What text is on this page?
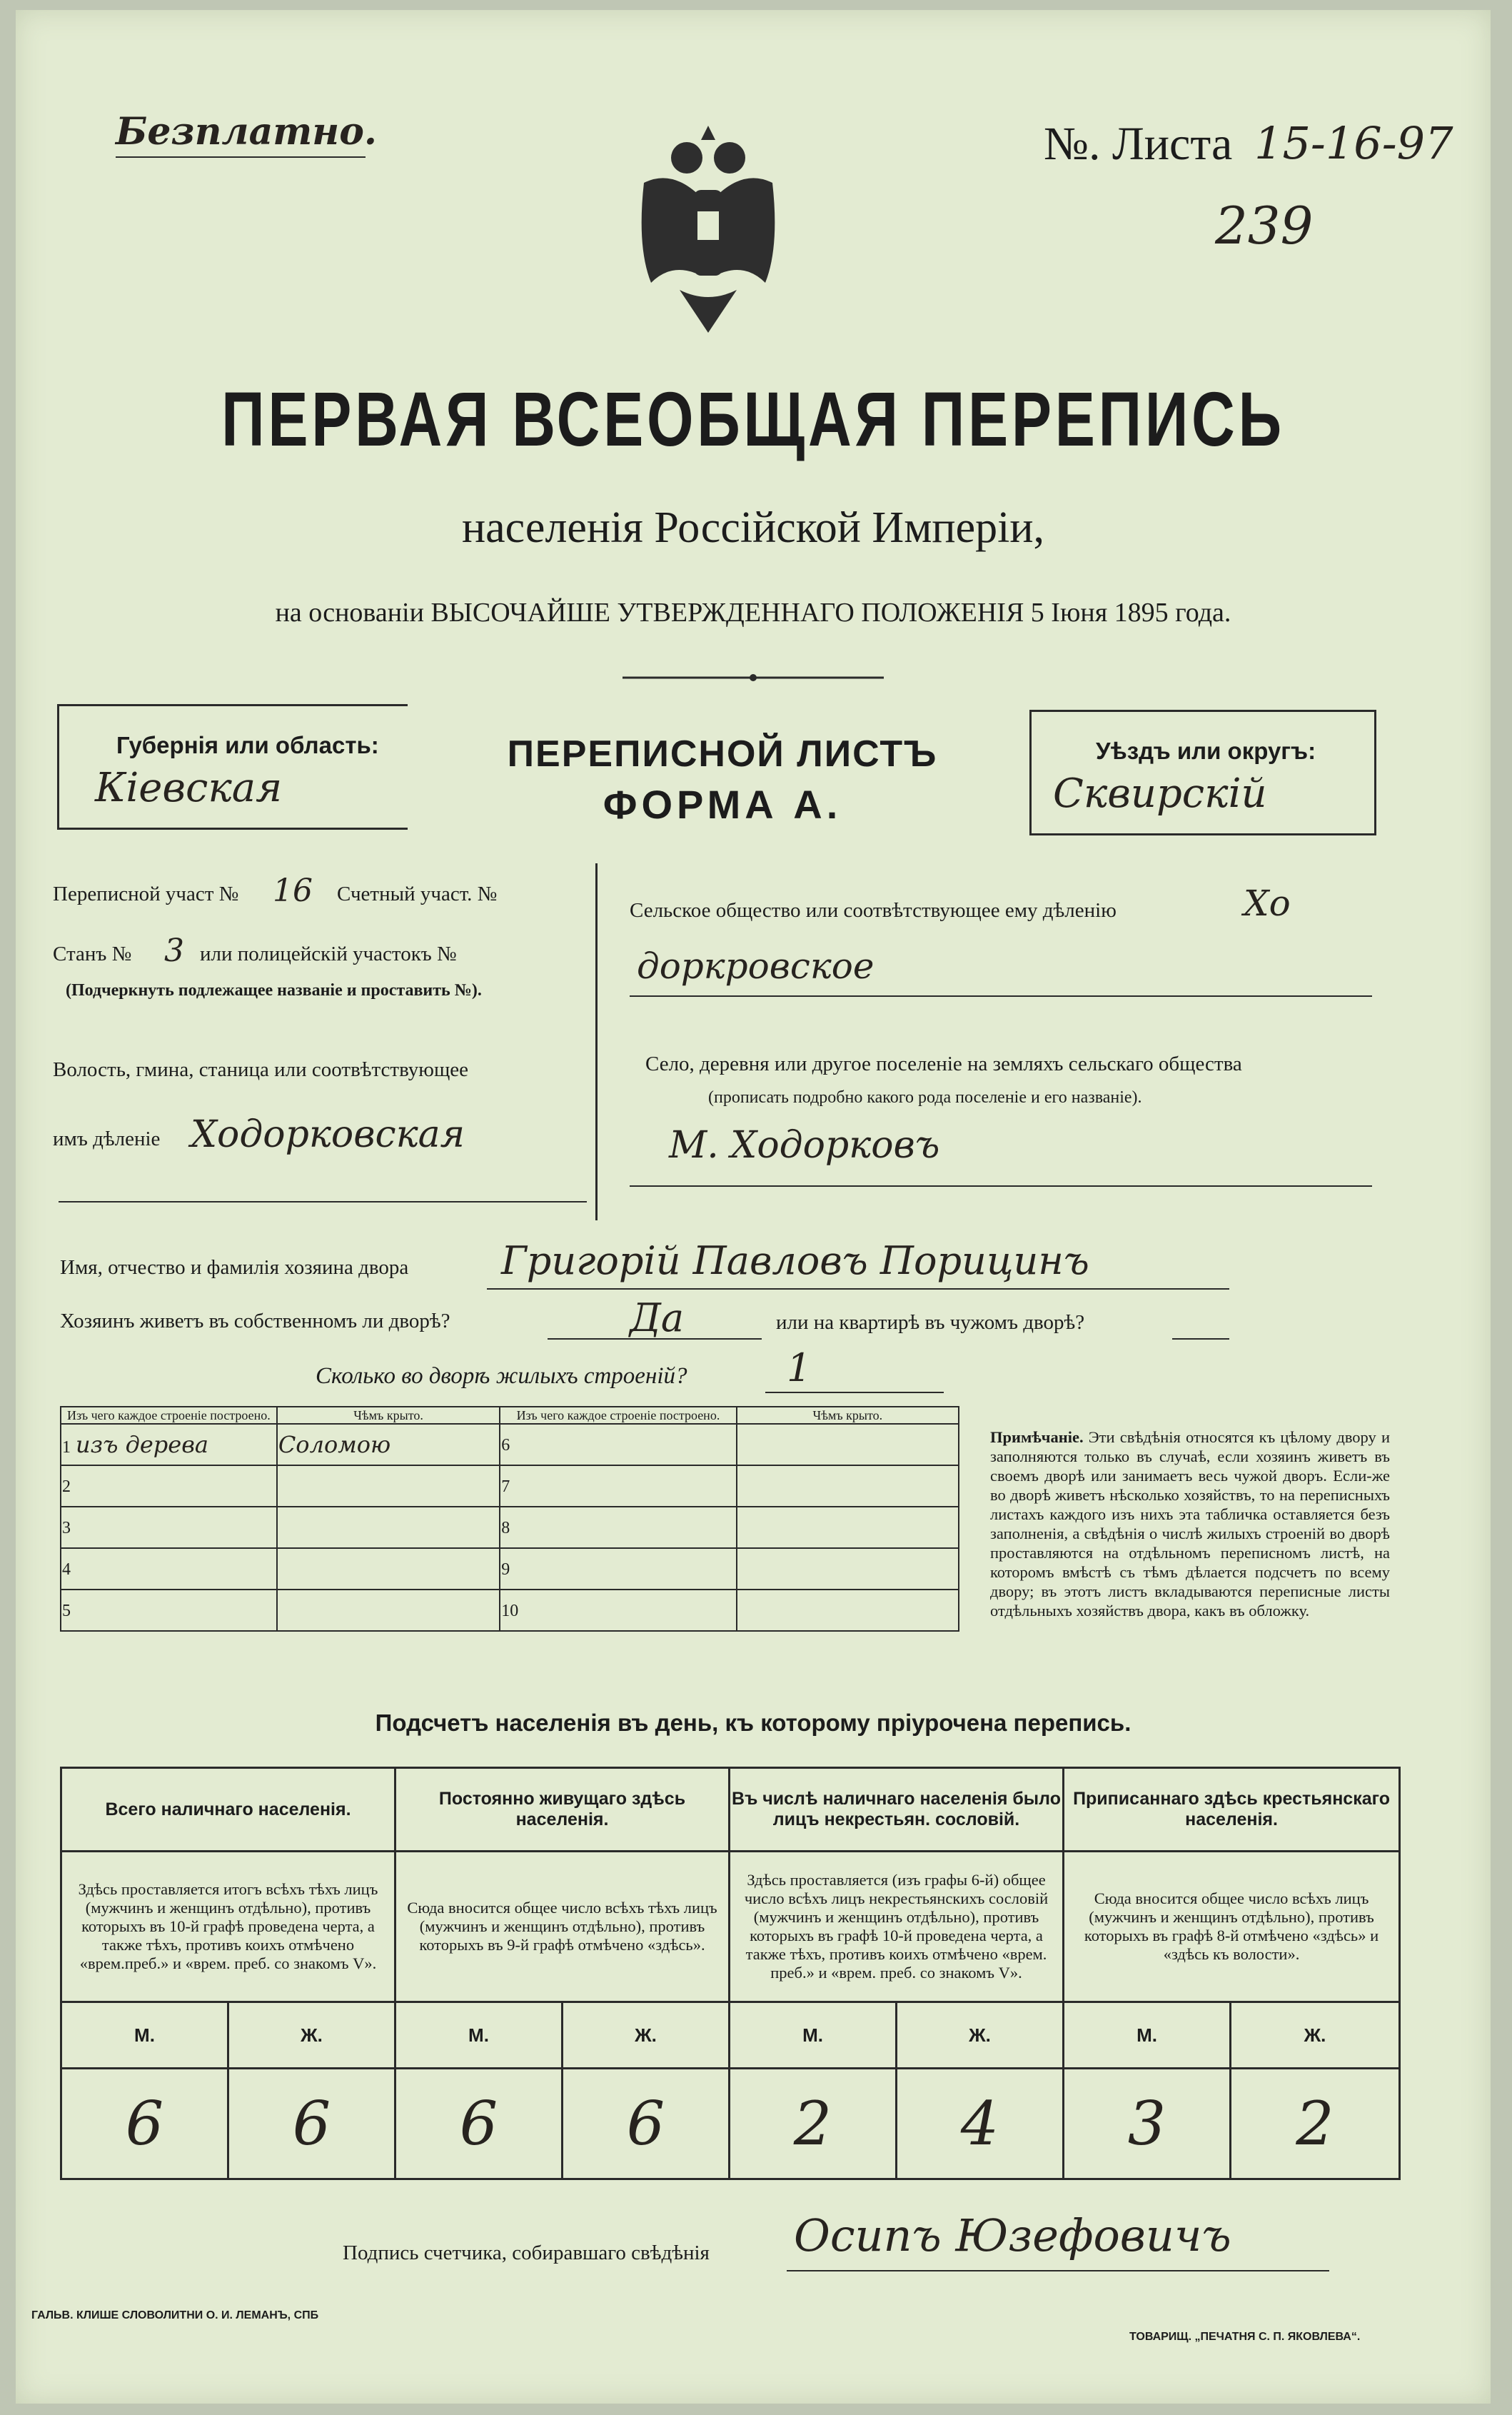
Безплатно.	№. Листа 15-16-97
239
ПЕРВАЯ ВСЕОБЩАЯ ПЕРЕПИСЬ
населенія Россійской Имперіи,
на основаніи ВЫСОЧАЙШЕ УТВЕРЖДЕННАГО ПОЛОЖЕНІЯ 5 Іюня 1895 года.
Губернія или область:
Кіевская
ПЕРЕПИСНОЙ ЛИСТЪ
ФОРМА А.
Уѣздъ или округъ:
Сквирскій
Переписной участ № 16 Счетный участ. №
Станъ № 3 или полицейскій участокъ №
(Подчеркнуть подлежащее названіе и проставить №).
Волость, гмина, станица или соотвѣтствующее
имъ дѣленіе Ходорковская
Сельское общество или соотвѣтствующее ему дѣленію	Хо
доркровское
Село, деревня или другое поселеніе на земляхъ сельскаго общества
(прописать подробно какого рода поселеніе и его названіе).
М. Ходорковъ
Имя, отчество и фамилія хозяина двора Григорій Павловъ Порицинъ
Хозяинъ живетъ въ собственномъ ли дворѣ?	Да	или на квартирѣ въ чужомъ дворѣ?
Сколько во дворѣ жилыхъ строеній?	1
Изъ чего каждое строеніе построено.	Чѣмъ крыто.	Изъ чего каждое строеніе построено.	Чѣмъ крыто.
1 изъ дерева	Соломою	6	
2		7	
3		8	
4		9	
5		10	
Примѣчаніе. Эти свѣдѣнія относятся къ цѣлому двору и заполняются только въ случаѣ, если хозяинъ живетъ въ своемъ дворѣ или занимаетъ весь чужой дворъ. Если-же во дворѣ живетъ нѣсколько хозяйствъ, то на переписныхъ листахъ каждого изъ нихъ эта табличка оставляется безъ заполненія, а свѣдѣнія о числѣ жилыхъ строеній во дворѣ проставляются на отдѣльномъ переписномъ листѣ, на которомъ вмѣстѣ съ тѣмъ дѣлается подсчетъ по всему двору; въ этотъ листъ вкладываются переписные листы отдѣльныхъ хозяйствъ двора, какъ въ обложку.
Подсчетъ населенія въ день, къ которому пріурочена перепись.
Всего наличнаго населенія.		Постоянно живущаго здѣсь населенія.		Въ числѣ наличнаго населенія было лицъ некрестьян. сословій.		Приписаннаго здѣсь крестьянскаго населенія.	
Здѣсь проставляется итогъ всѣхъ тѣхъ лицъ (мужчинъ и женщинъ отдѣльно), противъ которыхъ въ 10-й графѣ проведена черта, а также тѣхъ, противъ коихъ отмѣчено «врем.преб.» и «врем. преб. со знакомъ V».		Сюда вносится общее число всѣхъ тѣхъ лицъ (мужчинъ и женщинъ отдѣльно), противъ которыхъ въ 9-й графѣ отмѣчено «здѣсь».		Здѣсь проставляется (изъ графы 6-й) общее число всѣхъ лицъ некрестьянскихъ сословій (мужчинъ и женщинъ отдѣльно), противъ которыхъ въ графѣ 10-й проведена черта, а также тѣхъ, противъ коихъ отмѣчено «врем. преб.» и «врем. преб. со знакомъ V».		Сюда вносится общее число всѣхъ лицъ (мужчинъ и женщинъ отдѣльно), противъ которыхъ въ графѣ 8-й отмѣчено «здѣсь» и «здѣсь къ волости».	
М.	Ж.	М.	Ж.	М.	Ж.	М.	Ж.
6	6	6	6	2	4	3	2
Подпись счетчика, собиравшаго свѣдѣнія Осипъ Юзефовичъ
ГАЛЬВ. КЛИШЕ СЛОВОЛИТНИ О. И. ЛЕМАНЪ, СПБ
ТОВАРИЩ. „ПЕЧАТНЯ С. П. ЯКОВЛЕВА“.
